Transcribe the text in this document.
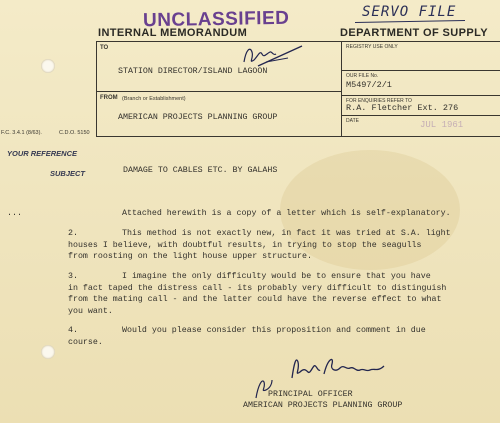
UNCLASSIFIED	SERVO FILE
INTERNAL MEMORANDUM	DEPARTMENT OF SUPPLY
TO
STATION DIRECTOR/ISLAND LAGOON
FROM (Branch or Establishment)
AMERICAN PROJECTS PLANNING GROUP
REGISTRY USE ONLY
OUR FILE No.
M5497/2/1
FOR ENQUIRIES REFER TO
R.A. Fletcher Ext. 276
DATE	JUL 1961
F.C. 3.4.1 (8/63).	C.D.O. 5150
YOUR REFERENCE
SUBJECT	DAMAGE TO CABLES ETC. BY GALAHS
...	Attached herewith is a copy of a letter which is self-explanatory.
2.	This method is not exactly new, in fact it was tried at S.A. light
houses I believe, with doubtful results, in trying to stop the seagulls
from roosting on the light house upper structure.
3.	I imagine the only difficulty would be to ensure that you have
in fact taped the distress call - its probably very difficult to distinguish
from the mating call - and the latter could have the reverse effect to what
you want.
4.	Would you please consider this proposition and comment in due
course.
PRINCIPAL OFFICER
AMERICAN PROJECTS PLANNING GROUP
